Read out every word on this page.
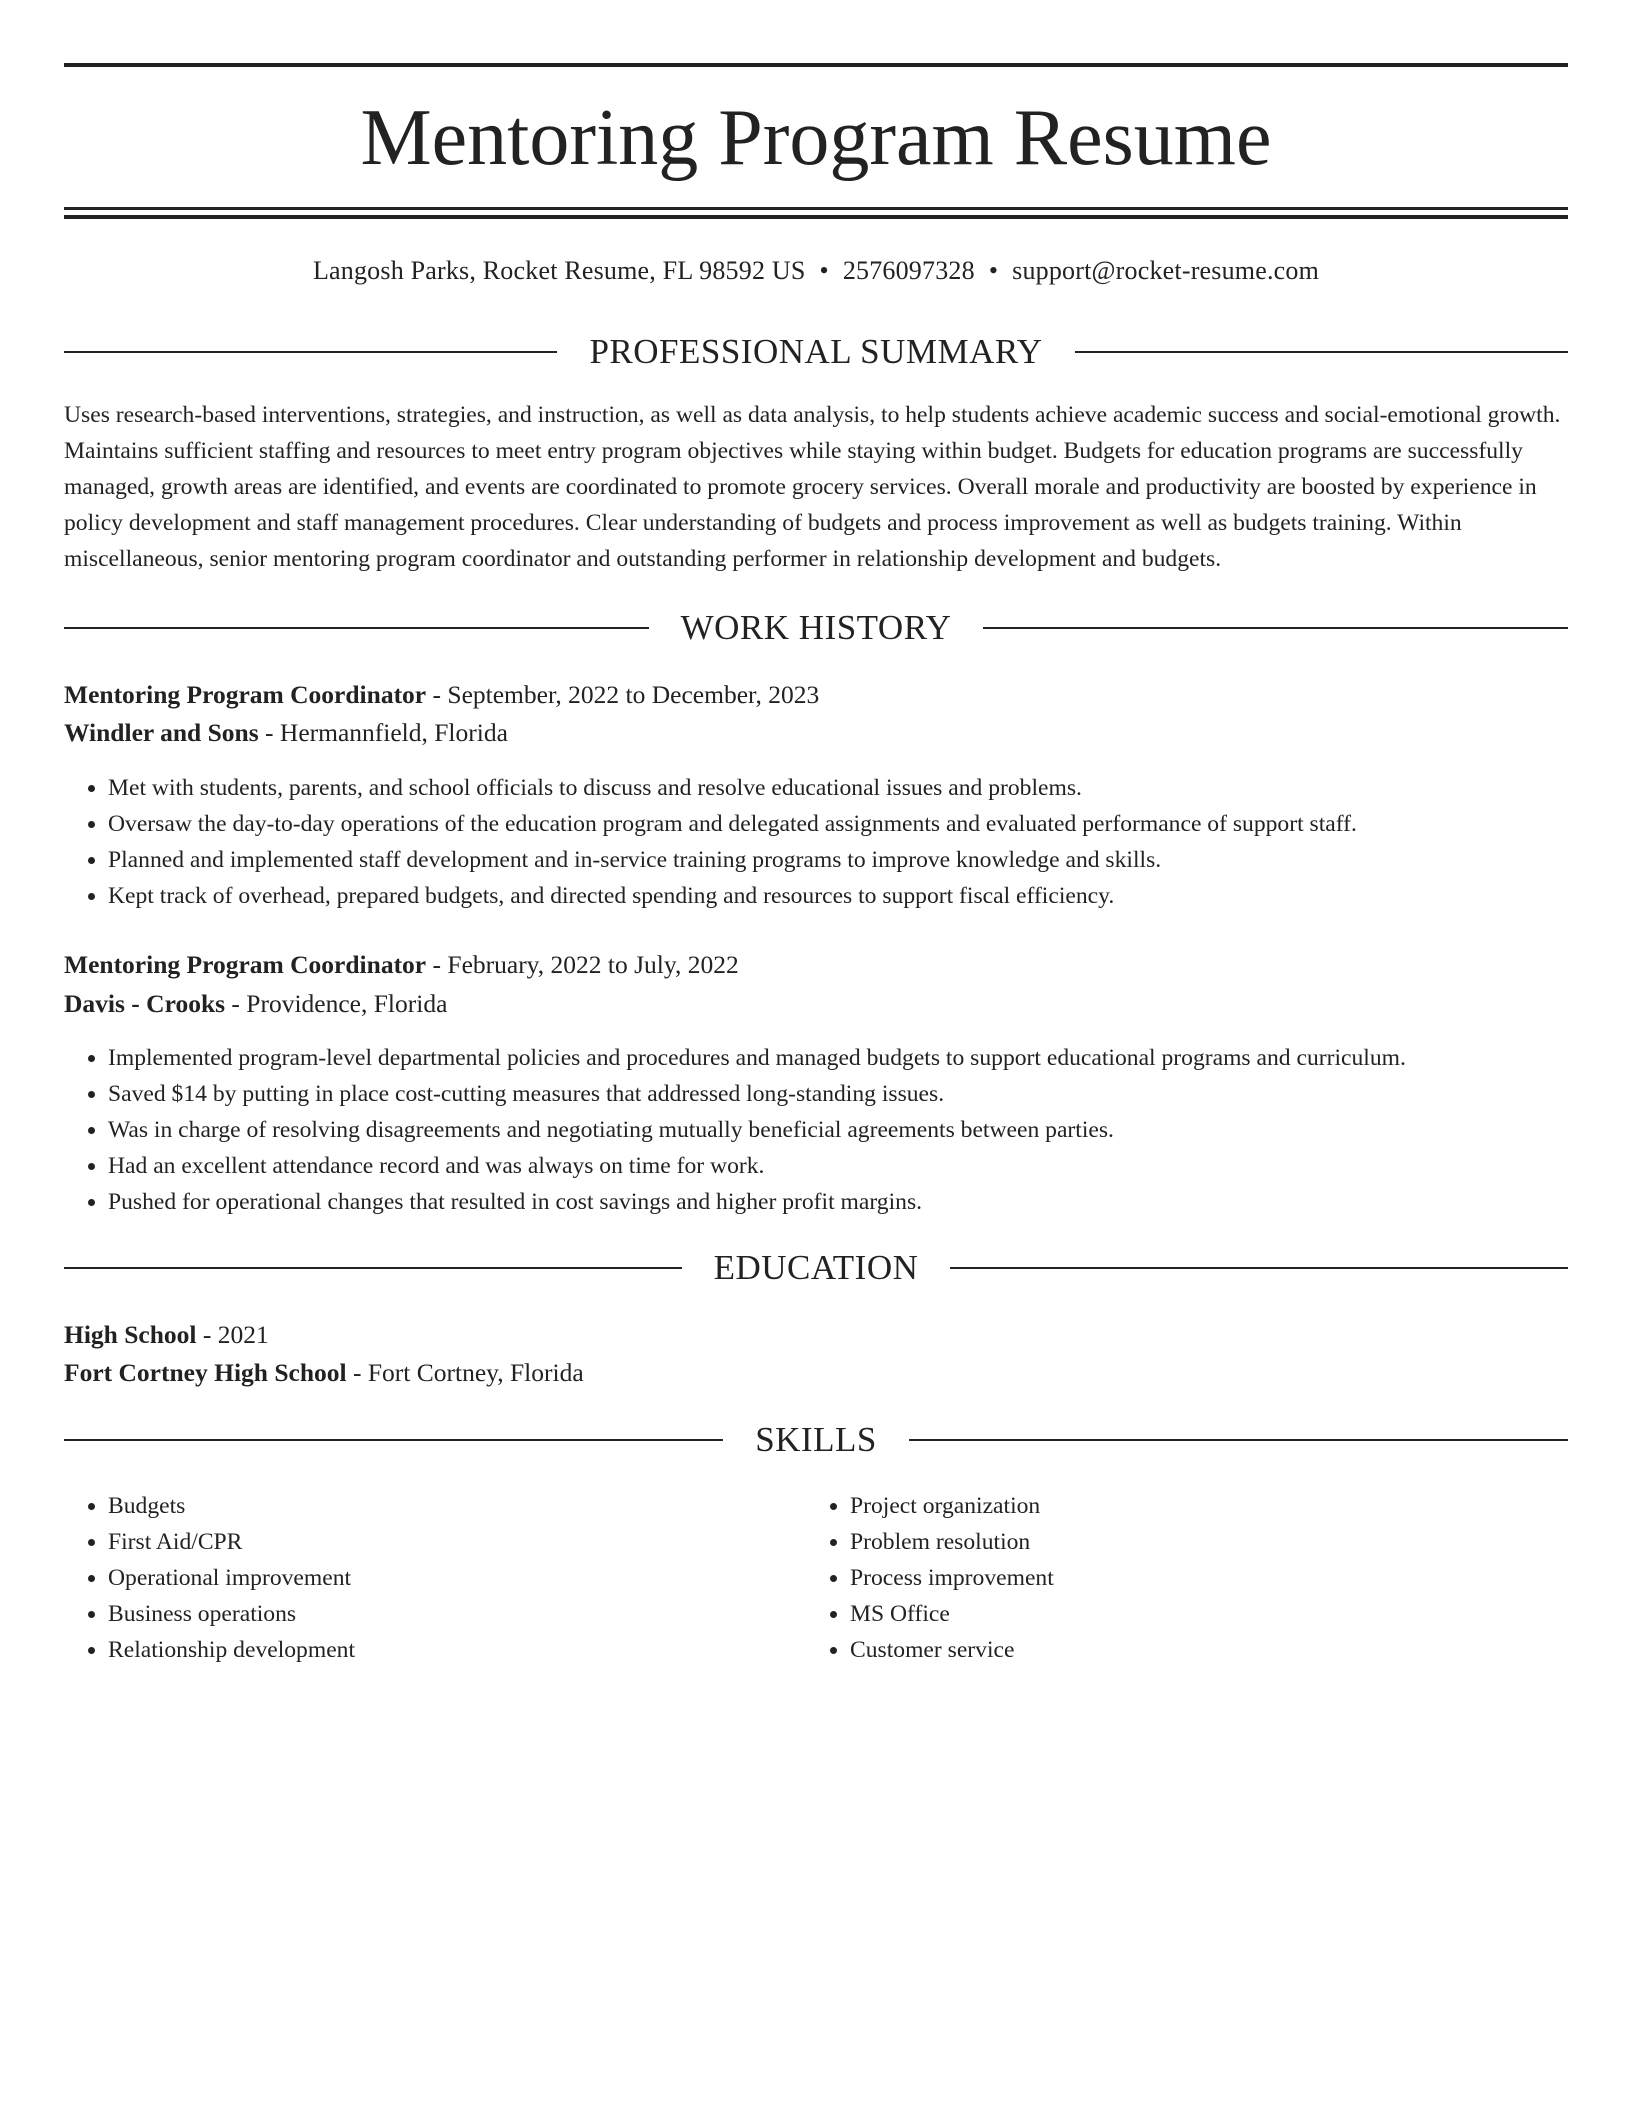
Mentoring Program Resume
Langosh Parks, Rocket Resume, FL 98592 US • 2576097328 • support@rocket-resume.com
PROFESSIONAL SUMMARY

Uses research-based interventions, strategies, and instruction, as well as data analysis, to help students achieve academic success and social-emotional growth. Maintains sufficient staffing and resources to meet entry program objectives while staying within budget. Budgets for education programs are successfully managed, growth areas are identified, and events are coordinated to promote grocery services. Overall morale and productivity are boosted by experience in policy development and staff management procedures. Clear understanding of budgets and process improvement as well as budgets training. Within miscellaneous, senior mentoring program coordinator and outstanding performer in relationship development and budgets.

WORK HISTORY
Mentoring Program Coordinator - September, 2022 to December, 2023
Windler and Sons - Hermannfield, Florida
• Met with students, parents, and school officials to discuss and resolve educational issues and problems.
• Oversaw the day-to-day operations of the education program and delegated assignments and evaluated performance of support staff.
• Planned and implemented staff development and in-service training programs to improve knowledge and skills.
• Kept track of overhead, prepared budgets, and directed spending and resources to support fiscal efficiency.
Mentoring Program Coordinator - February, 2022 to July, 2022
Davis - Crooks - Providence, Florida
• Implemented program-level departmental policies and procedures and managed budgets to support educational programs and curriculum.
• Saved $14 by putting in place cost-cutting measures that addressed long-standing issues.
• Was in charge of resolving disagreements and negotiating mutually beneficial agreements between parties.
• Had an excellent attendance record and was always on time for work.
• Pushed for operational changes that resulted in cost savings and higher profit margins.
EDUCATION
High School - 2021
Fort Cortney High School - Fort Cortney, Florida
SKILLS
• Budgets
• First Aid/CPR
• Operational improvement
• Business operations
• Relationship development
• Project organization
• Problem resolution
• Process improvement
• MS Office
• Customer service
